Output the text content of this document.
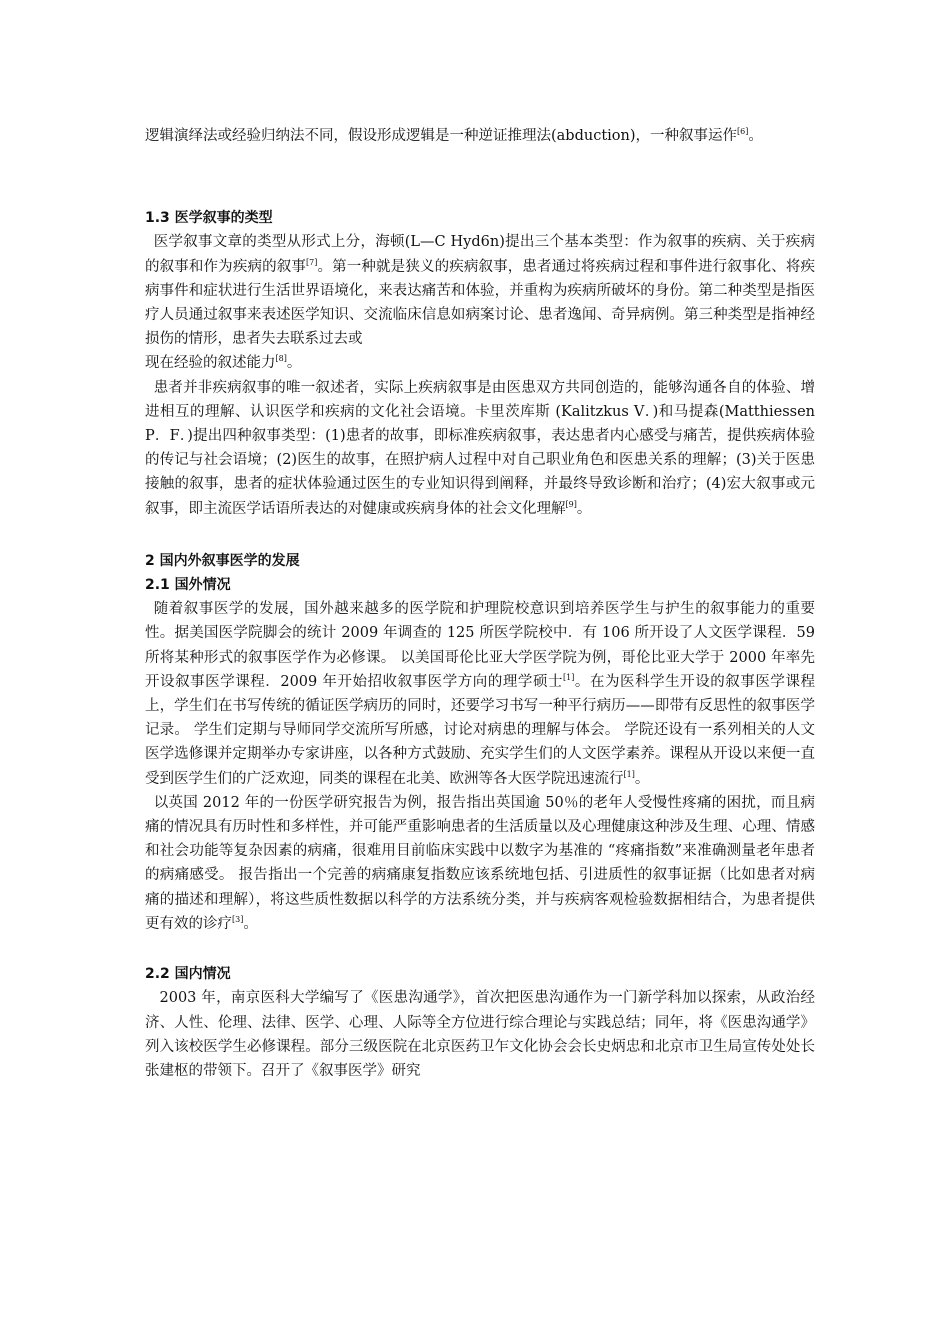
逻辑演绎法或经验归纳法不同，假设形成逻辑是一种逆证推理法(abduction)，一种叙事运作[6]。

1.3 医学叙事的类型

医学叙事文章的类型从形式上分，海顿(L—C Hyd6n)提出三个基本类型：作为叙事的疾病、关于疾病的叙事和作为疾病的叙事[7]。第一种就是狭义的疾病叙事，患者通过将疾病过程和事件进行叙事化、将疾病事件和症状进行生活世界语境化，来表达痛苦和体验，并重构为疾病所破坏的身份。第二种类型是指医疗人员通过叙事来表述医学知识、交流临床信息如病案讨论、患者逸闻、奇异病例。第三种类型是指神经损伤的情形，患者失去联系过去或

现在经验的叙述能力[8]。

患者并非疾病叙事的唯一叙述者，实际上疾病叙事是由医患双方共同创造的，能够沟通各自的体验、增进相互的理解、认识医学和疾病的文化社会语境。卡里茨库斯 (Kalitzkus V．)和马提森(Matthiessen P．F．)提出四种叙事类型：(1)患者的故事，即标准疾病叙事，表达患者内心感受与痛苦，提供疾病体验的传记与社会语境；(2)医生的故事，在照护病人过程中对自己职业角色和医患关系的理解；(3)关于医患接触的叙事，患者的症状体验通过医生的专业知识得到阐释，并最终导致诊断和治疗；(4)宏大叙事或元叙事，即主流医学话语所表达的对健康或疾病身体的社会文化理解[9]。

2 国内外叙事医学的发展
2.1 国外情况

随着叙事医学的发展，国外越来越多的医学院和护理院校意识到培养医学生与护生的叙事能力的重要性。据美国医学院脚会的统计 2009 年调查的 125 所医学院校中．有 106 所开设了人文医学课程．59 所将某种形式的叙事医学作为必修课。 以美国哥伦比亚大学医学院为例，哥伦比亚大学于 2000 年率先开设叙事医学课程．2009 年开始招收叙事医学方向的理学硕士[1]。在为医科学生开设的叙事医学课程上，学生们在书写传统的循证医学病历的同时，还要学习书写一种平行病历——即带有反思性的叙事医学记录。 学生们定期与导师同学交流所写所感，讨论对病患的理解与体会。 学院还设有一系列相关的人文医学选修课并定期举办专家讲座，以各种方式鼓励、充实学生们的人文医学素养。课程从开设以来便一直受到医学生们的广泛欢迎，同类的课程在北美、欧洲等各大医学院迅速流行[1]。

以英国 2012 年的一份医学研究报告为例，报告指出英国逾 50％的老年人受慢性疼痛的困扰，而且病痛的情况具有历时性和多样性，并可能严重影响患者的生活质量以及心理健康这种涉及生理、心理、情感和社会功能等复杂因素的病痛，很难用目前临床实践中以数字为基准的 “疼痛指数”来准确测量老年患者的病痛感受。 报告指出一个完善的病痛康复指数应该系统地包括、引进质性的叙事证据（比如患者对病痛的描述和理解），将这些质性数据以科学的方法系统分类，并与疾病客观检验数据相结合，为患者提供更有效的诊疗[3]。

2.2 国内情况

2003 年，南京医科大学编写了《医患沟通学》，首次把医患沟通作为一门新学科加以探索，从政治经济、人性、伦理、法律、医学、心理、人际等全方位进行综合理论与实践总结；同年，将《医患沟通学》列入该校医学生必修课程。部分三级医院在北京医药卫乍文化协会会长史炳忠和北京市卫生局宣传处处长张建枢的带领下。召开了《叙事医学》研究
